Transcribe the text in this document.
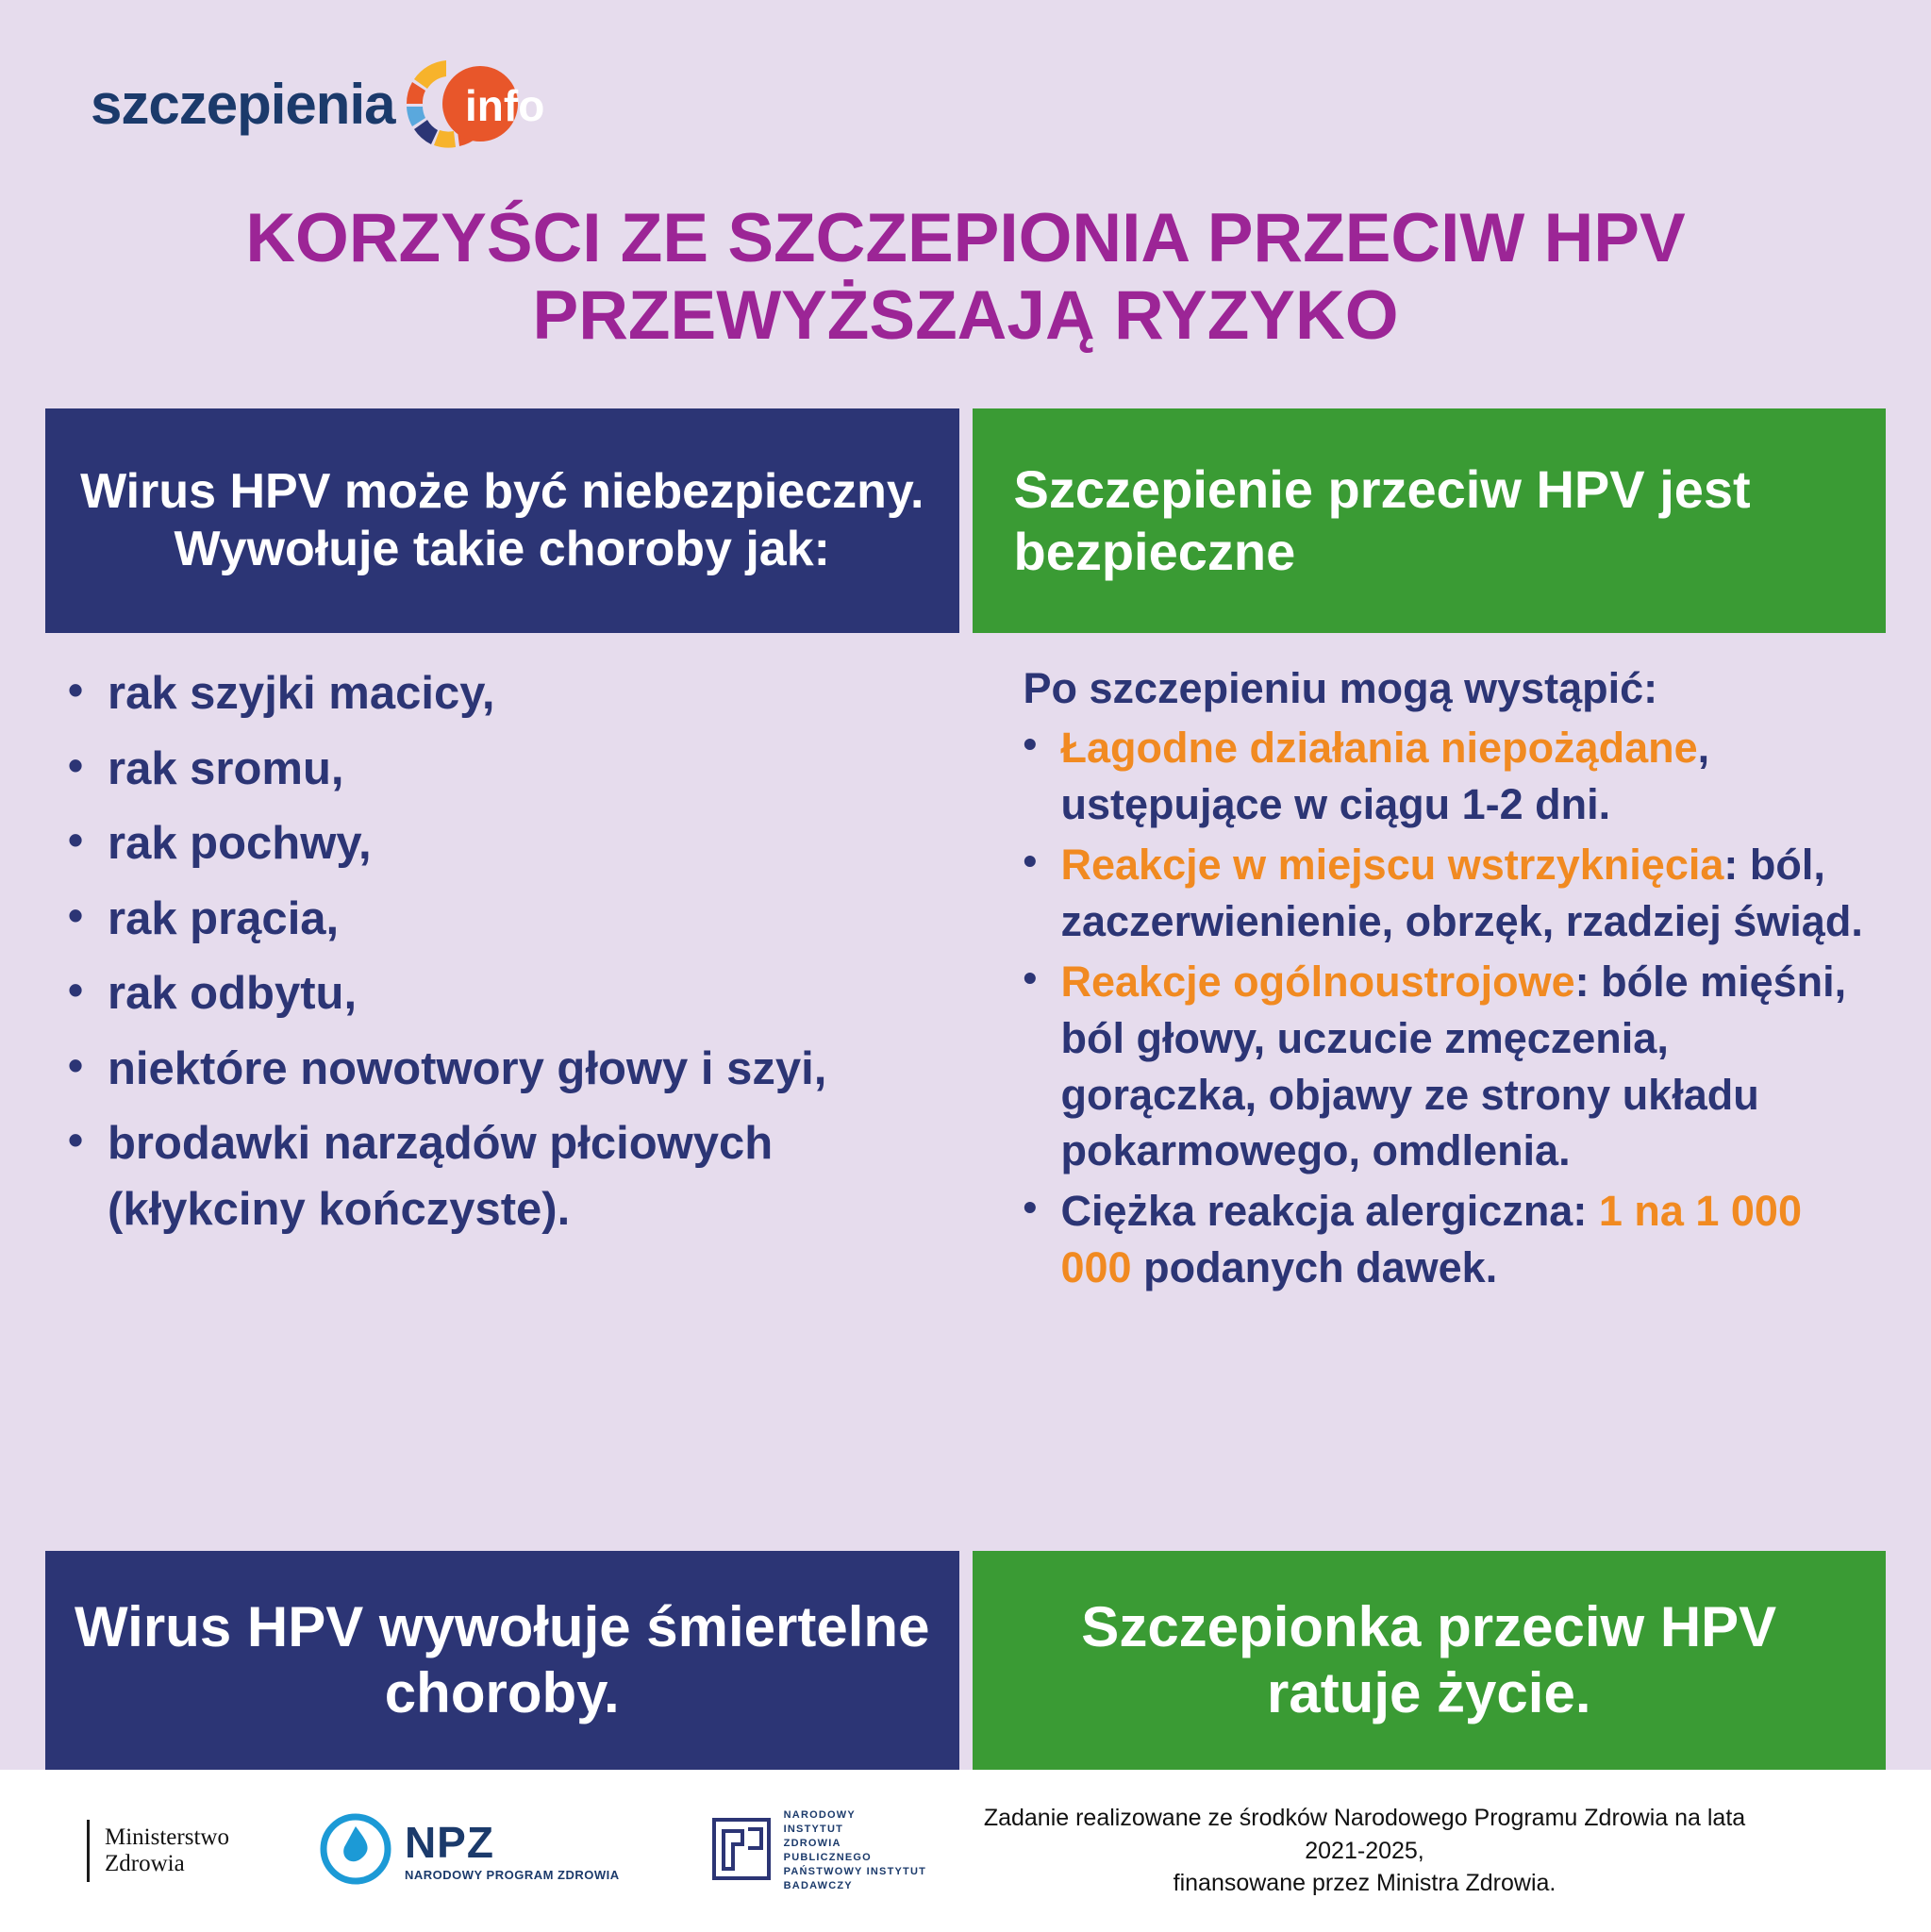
szczepienia info
KORZYŚCI ZE SZCZEPIONIA PRZECIW HPV PRZEWYŻSZAJĄ RYZYKO
Wirus HPV może być niebezpieczny. Wywołuje takie choroby jak:
• rak szyjki macicy,
• rak sromu,
• rak pochwy,
• rak prącia,
• rak odbytu,
• niektóre nowotwory głowy i szyi,
• brodawki narządów płciowych (kłykciny kończyste).
Wirus HPV wywołuje śmiertelne choroby.
Szczepienie przeciw HPV jest bezpieczne
Po szczepieniu mogą wystąpić:
• Łagodne działania niepożądane, ustępujące w ciągu 1-2 dni.
• Reakcje w miejscu wstrzyknięcia: ból, zaczerwienienie, obrzęk, rzadziej świąd.
• Reakcje ogólnoustrojowe: bóle mięśni, ból głowy, uczucie zmęczenia, gorączka, objawy ze strony układu pokarmowego, omdlenia.
• Ciężka reakcja alergiczna: 1 na 1 000 000 podanych dawek.
Szczepionka przeciw HPV ratuje życie.
Ministerstwo
Zdrowia	NPZ
NARODOWY PROGRAM ZDROWIA
NARODOWY
INSTYTUT
ZDROWIA
PUBLICZNEGO
PAŃSTWOWY INSTYTUT
BADAWCZY
Zadanie realizowane ze środków Narodowego Programu Zdrowia na lata 2021-2025,
finansowane przez Ministra Zdrowia.
